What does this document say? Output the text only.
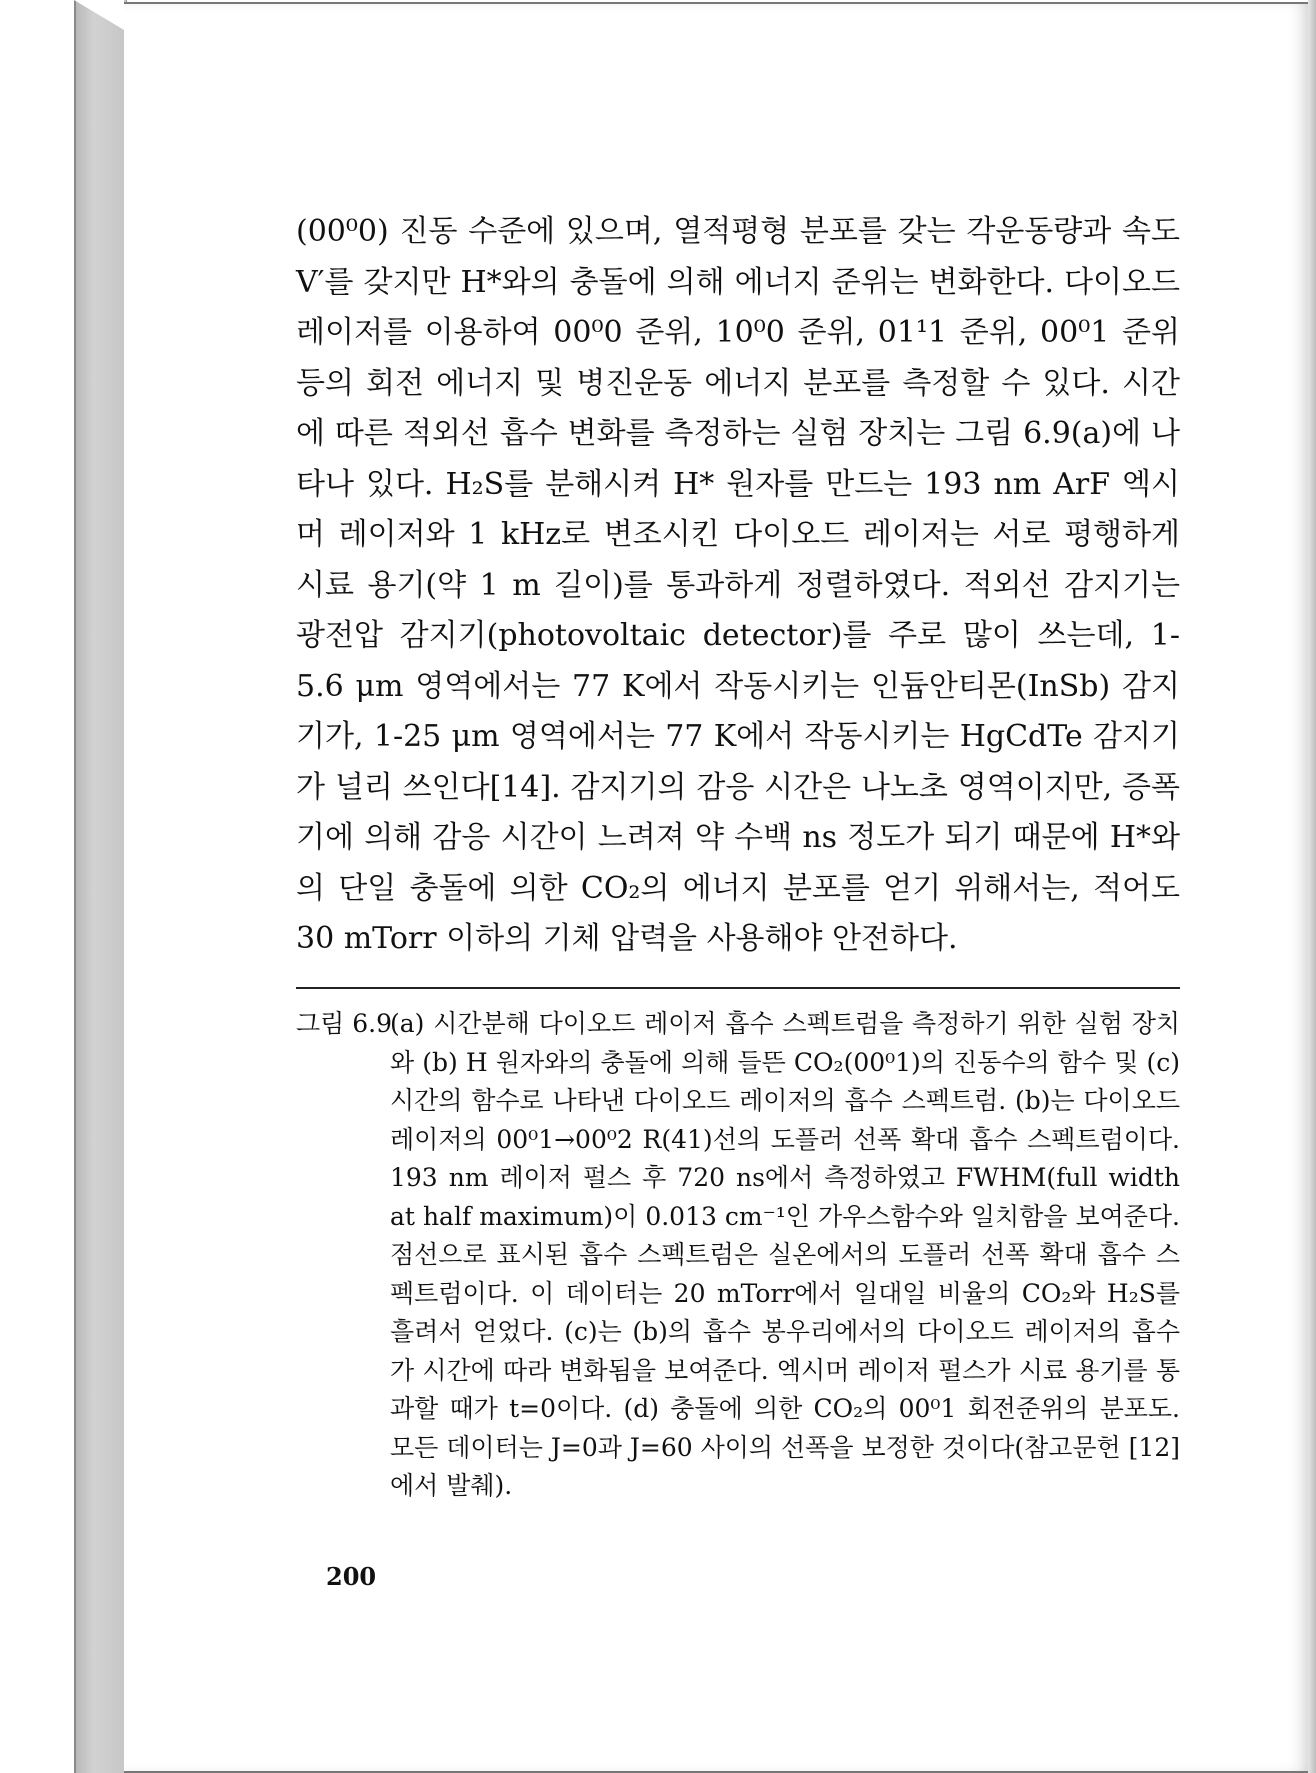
(00⁰0) 진동 수준에 있으며, 열적평형 분포를 갖는 각운동량과 속도 V′를 갖지만 H*와의 충돌에 의해 에너지 준위는 변화한다. 다이오드 레이저를 이용하여 00⁰0 준위, 10⁰0 준위, 01¹1 준위, 00⁰1 준위 등의 회전 에너지 및 병진운동 에너지 분포를 측정할 수 있다. 시간에 따른 적외선 흡수 변화를 측정하는 실험 장치는 그림 6.9(a)에 나타나 있다. H₂S를 분해시켜 H* 원자를 만드는 193 nm ArF 엑시머 레이저와 1 kHz로 변조시킨 다이오드 레이저는 서로 평행하게 시료 용기(약 1 m 길이)를 통과하게 정렬하였다. 적외선 감지기는 광전압 감지기(photovoltaic detector)를 주로 많이 쓰는데, 1-5.6 μm 영역에서는 77 K에서 작동시키는 인듐안티몬(InSb) 감지기가, 1-25 μm 영역에서는 77 K에서 작동시키는 HgCdTe 감지기가 널리 쓰인다[14]. 감지기의 감응 시간은 나노초 영역이지만, 증폭기에 의해 감응 시간이 느려져 약 수백 ns 정도가 되기 때문에 H*와의 단일 충돌에 의한 CO₂의 에너지 분포를 얻기 위해서는, 적어도 30 mTorr 이하의 기체 압력을 사용해야 안전하다.

그림 6.9
(a) 시간분해 다이오드 레이저 흡수 스펙트럼을 측정하기 위한 실험 장치와 (b) H 원자와의 충돌에 의해 들뜬 CO₂(00⁰1)의 진동수의 함수 및 (c) 시간의 함수로 나타낸 다이오드 레이저의 흡수 스펙트럼. (b)는 다이오드 레이저의 00⁰1→00⁰2 R(41)선의 도플러 선폭 확대 흡수 스펙트럼이다. 193 nm 레이저 펄스 후 720 ns에서 측정하였고 FWHM(full width at half maximum)이 0.013 cm⁻¹인 가우스함수와 일치함을 보여준다. 점선으로 표시된 흡수 스펙트럼은 실온에서의 도플러 선폭 확대 흡수 스펙트럼이다. 이 데이터는 20 mTorr에서 일대일 비율의 CO₂와 H₂S를 흘려서 얻었다. (c)는 (b)의 흡수 봉우리에서의 다이오드 레이저의 흡수가 시간에 따라 변화됨을 보여준다. 엑시머 레이저 펄스가 시료 용기를 통과할 때가 t=0이다. (d) 충돌에 의한 CO₂의 00⁰1 회전준위의 분포도. 모든 데이터는 J=0과 J=60 사이의 선폭을 보정한 것이다(참고문헌 [12]에서 발췌).
200
